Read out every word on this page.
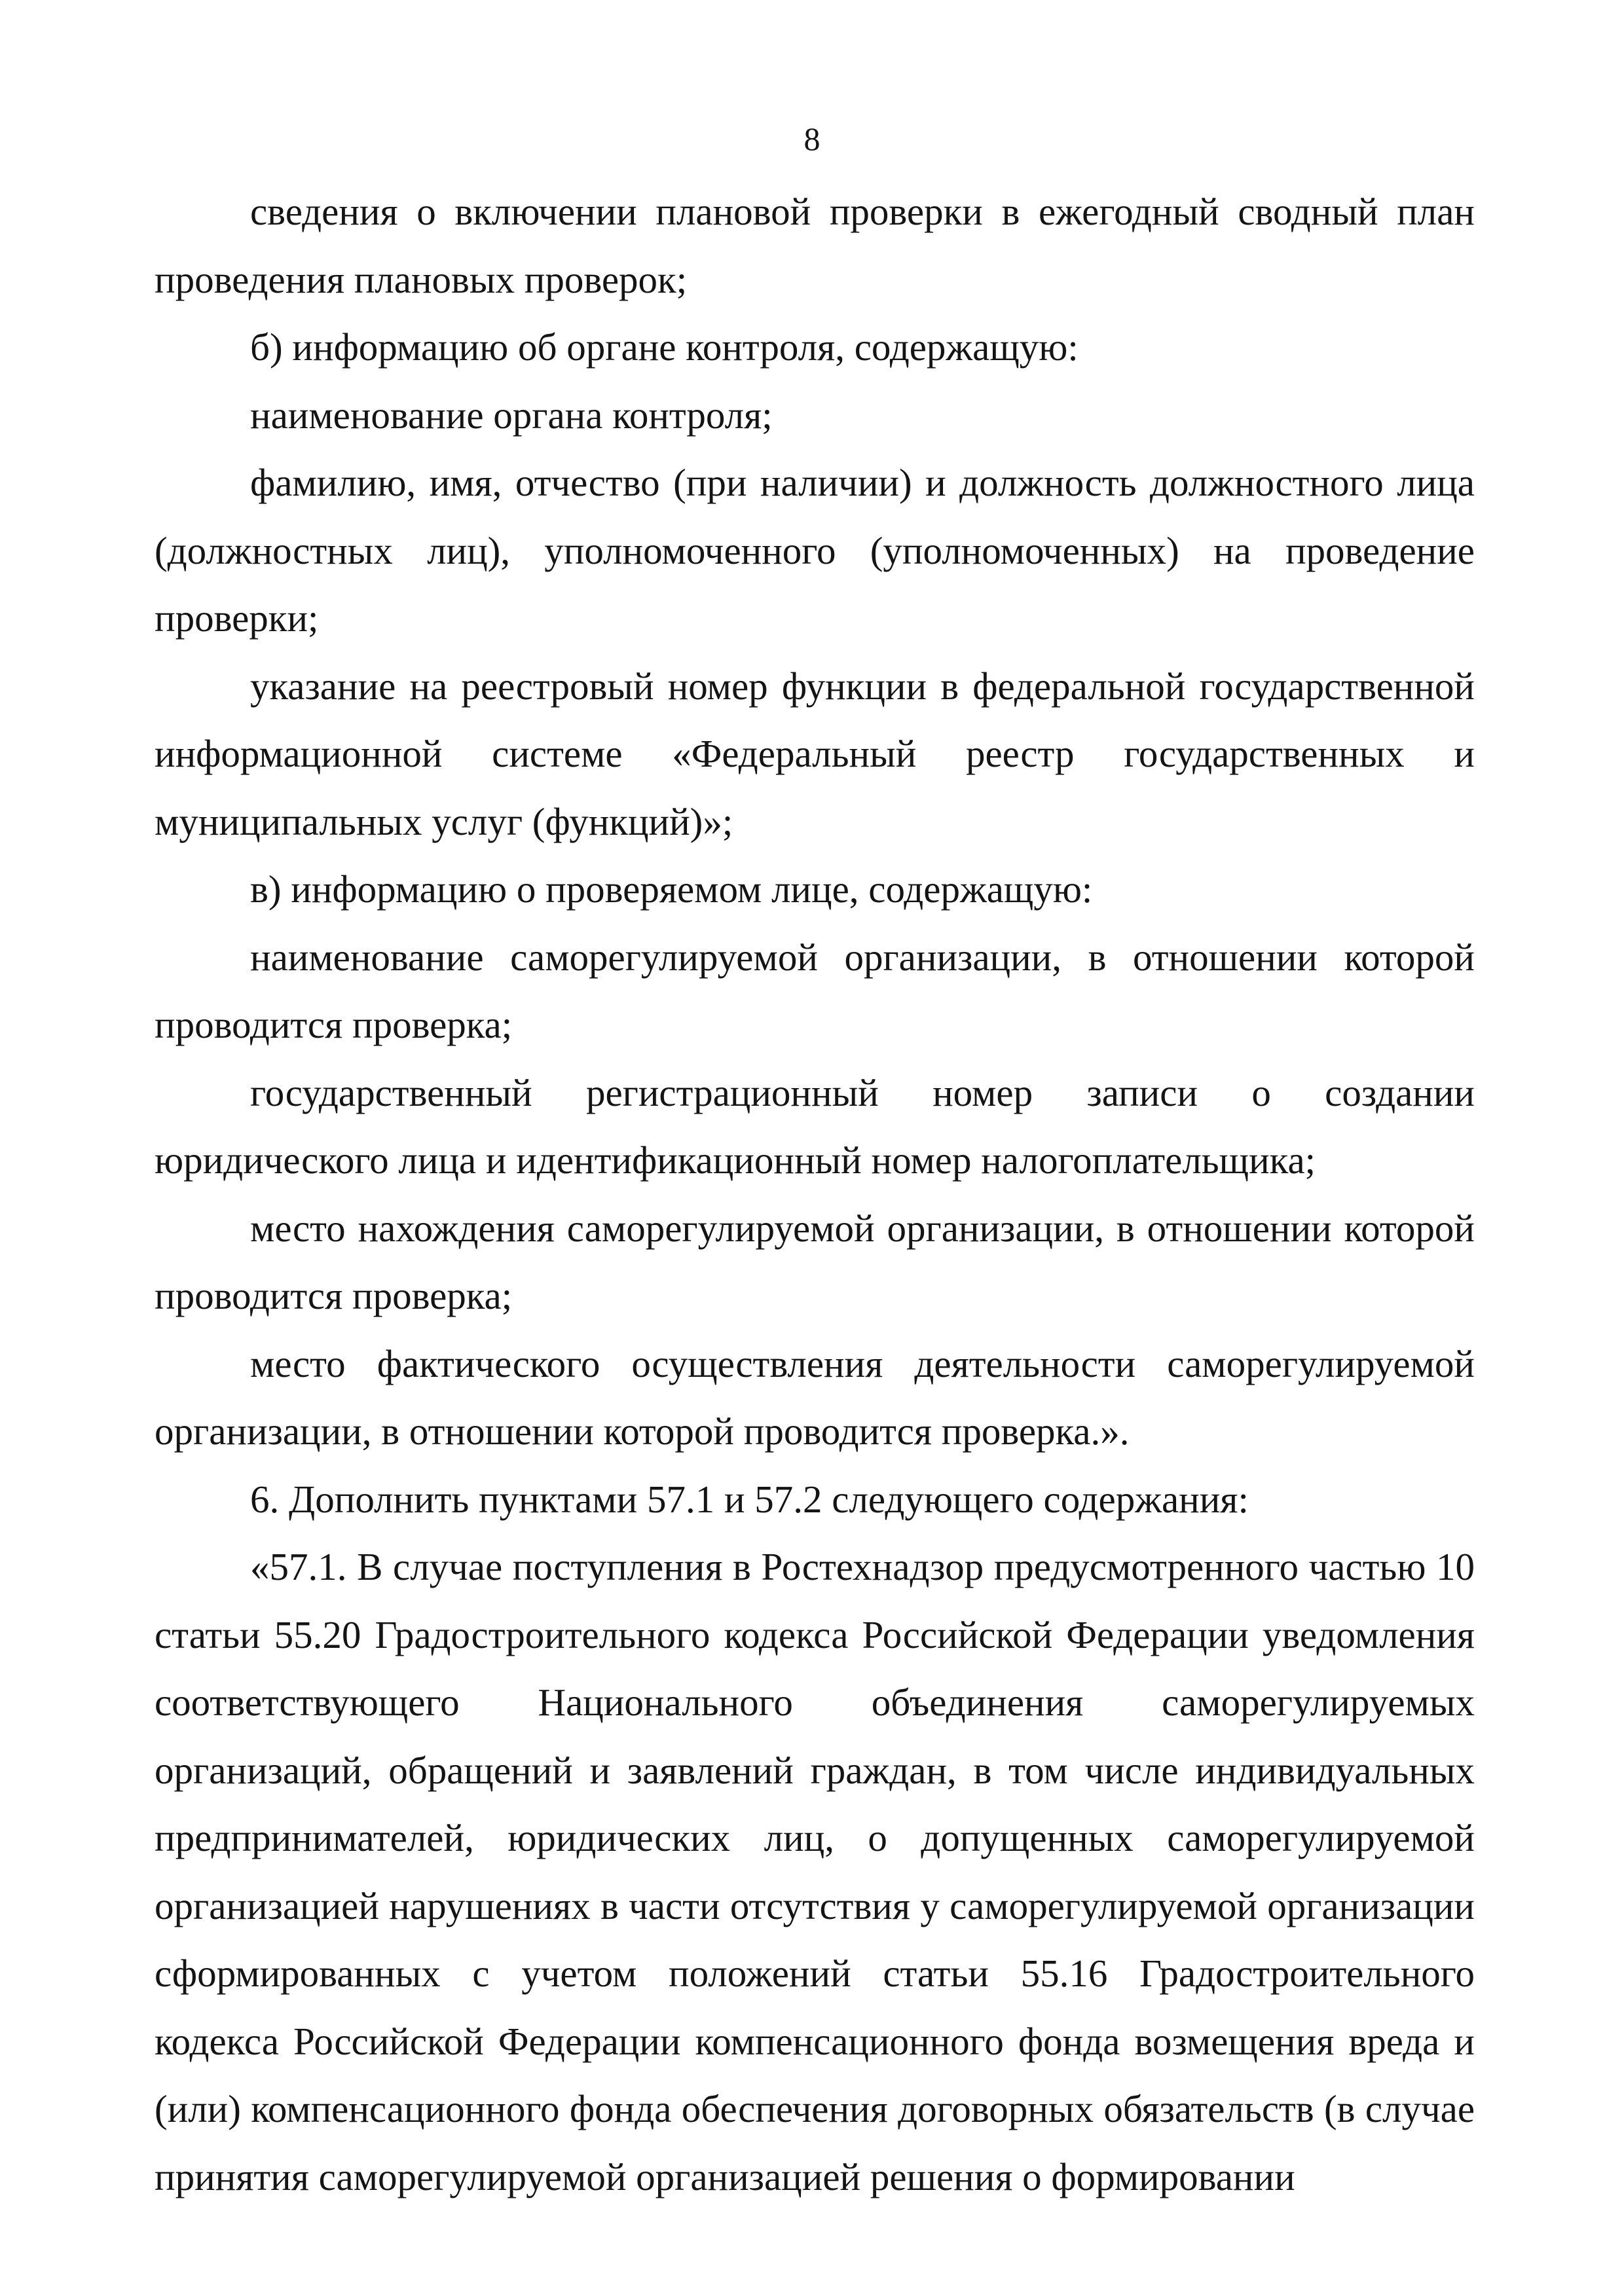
8

сведения о включении плановой проверки в ежегодный сводный план проведения плановых проверок;

б) информацию об органе контроля, содержащую:

наименование органа контроля;

фамилию, имя, отчество (при наличии) и должность должностного лица (должностных лиц), уполномоченного (уполномоченных) на проведение проверки;

указание на реестровый номер функции в федеральной государственной информационной системе «Федеральный реестр государственных и муниципальных услуг (функций)»;

в) информацию о проверяемом лице, содержащую:

наименование саморегулируемой организации, в отношении которой проводится проверка;

государственный регистрационный номер записи о создании юридического лица и идентификационный номер налогоплательщика;

место нахождения саморегулируемой организации, в отношении которой проводится проверка;

место фактического осуществления деятельности саморегулируемой организации, в отношении которой проводится проверка.».

6. Дополнить пунктами 57.1 и 57.2 следующего содержания:

«57.1. В случае поступления в Ростехнадзор предусмотренного частью 10 статьи 55.20 Градостроительного кодекса Российской Федерации уведомления соответствующего Национального объединения саморегулируемых организаций, обращений и заявлений граждан, в том числе индивидуальных предпринимателей, юридических лиц, о допущенных саморегулируемой организацией нарушениях в части отсутствия у саморегулируемой организации сформированных с учетом положений статьи 55.16 Градостроительного кодекса Российской Федерации компенсационного фонда возмещения вреда и (или) компенсационного фонда обеспечения договорных обязательств (в случае принятия саморегулируемой организацией решения о формировании
